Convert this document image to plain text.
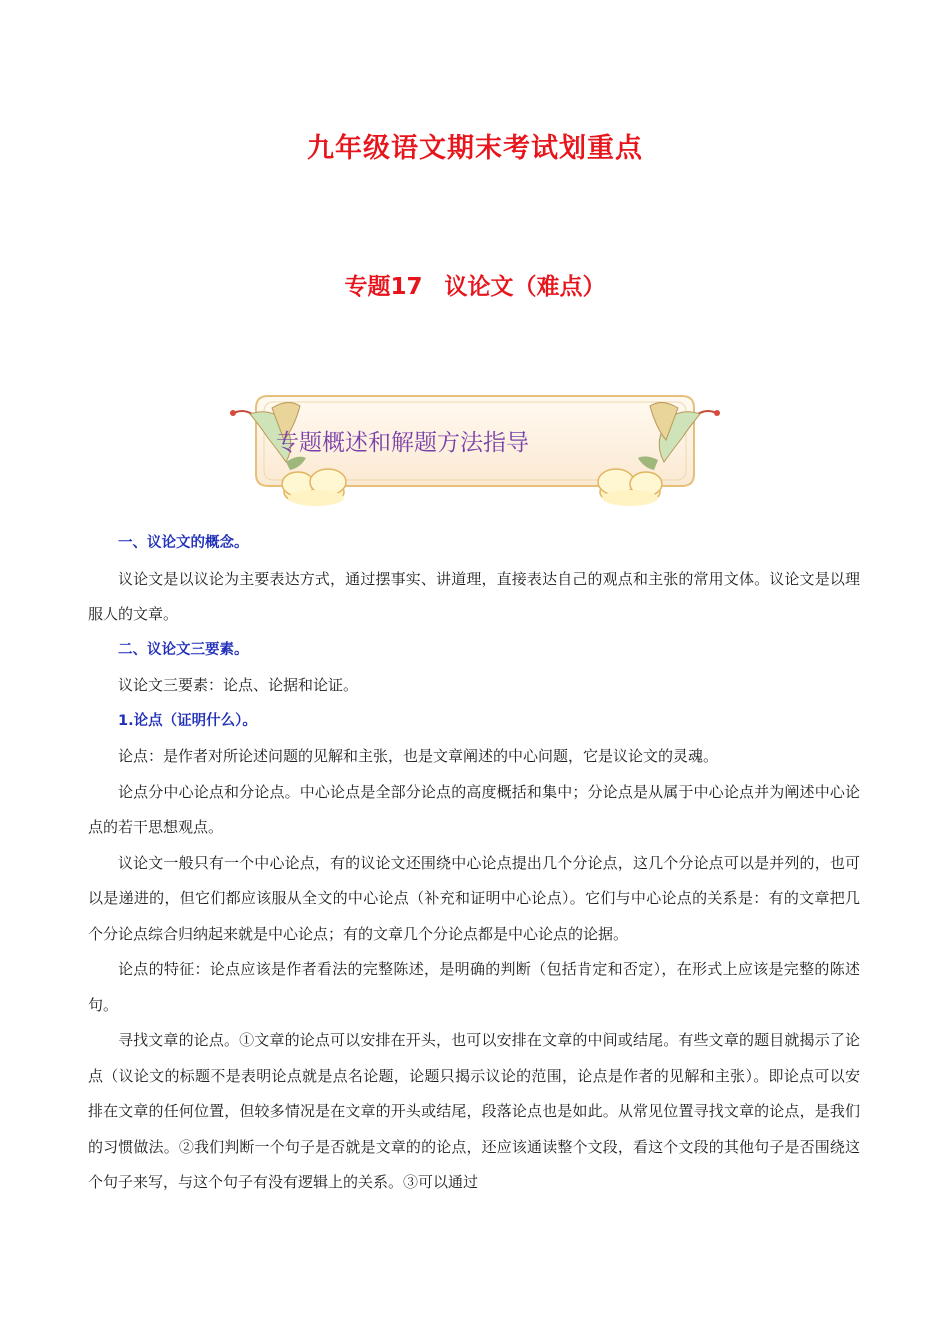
九年级语文期末考试划重点
专题17 议论文（难点）
专题概述和解题方法指导

一、议论文的概念。

议论文是以议论为主要表达方式，通过摆事实、讲道理，直接表达自己的观点和主张的常用文体。议论文是以理服人的文章。

二、议论文三要素。

议论文三要素：论点、论据和论证。

1.论点（证明什么）。

论点：是作者对所论述问题的见解和主张，也是文章阐述的中心问题，它是议论文的灵魂。

论点分中心论点和分论点。中心论点是全部分论点的高度概括和集中；分论点是从属于中心论点并为阐述中心论点的若干思想观点。

议论文一般只有一个中心论点，有的议论文还围绕中心论点提出几个分论点，这几个分论点可以是并列的，也可以是递进的，但它们都应该服从全文的中心论点（补充和证明中心论点）。它们与中心论点的关系是：有的文章把几个分论点综合归纳起来就是中心论点；有的文章几个分论点都是中心论点的论据。

论点的特征：论点应该是作者看法的完整陈述，是明确的判断（包括肯定和否定），在形式上应该是完整的陈述句。

寻找文章的论点。①文章的论点可以安排在开头，也可以安排在文章的中间或结尾。有些文章的题目就揭示了论点（议论文的标题不是表明论点就是点名论题，论题只揭示议论的范围，论点是作者的见解和主张）。即论点可以安排在文章的任何位置，但较多情况是在文章的开头或结尾，段落论点也是如此。从常见位置寻找文章的论点，是我们的习惯做法。②我们判断一个句子是否就是文章的的论点，还应该通读整个文段，看这个文段的其他句子是否围绕这个句子来写，与这个句子有没有逻辑上的关系。③可以通过
